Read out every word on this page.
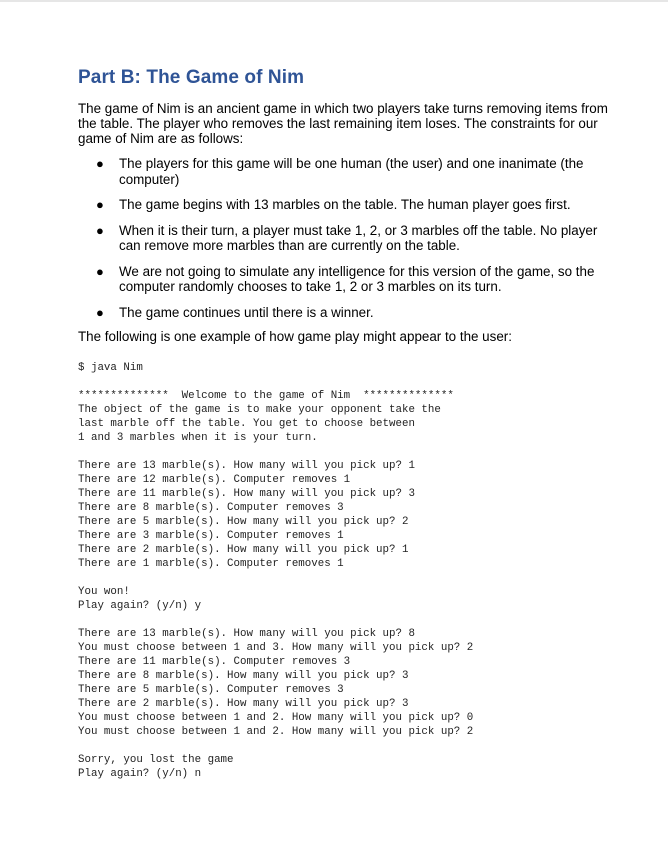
Part B: The Game of Nim

The game of Nim is an ancient game in which two players take turns removing items from the table. The player who removes the last remaining item loses. The constraints for our game of Nim are as follows:

● The players for this game will be one human (the user) and one inanimate (the computer)
● The game begins with 13 marbles on the table. The human player goes first.
● When it is their turn, a player must take 1, 2, or 3 marbles off the table. No player can remove more marbles than are currently on the table.
● We are not going to simulate any intelligence for this version of the game, so the computer randomly chooses to take 1, 2 or 3 marbles on its turn.
● The game continues until there is a winner.

The following is one example of how game play might appear to the user:

$ java Nim

**************  Welcome to the game of Nim  **************
The object of the game is to make your opponent take the
last marble off the table. You get to choose between
1 and 3 marbles when it is your turn.

There are 13 marble(s). How many will you pick up? 1
There are 12 marble(s). Computer removes 1
There are 11 marble(s). How many will you pick up? 3
There are 8 marble(s). Computer removes 3
There are 5 marble(s). How many will you pick up? 2
There are 3 marble(s). Computer removes 1
There are 2 marble(s). How many will you pick up? 1
There are 1 marble(s). Computer removes 1

You won!
Play again? (y/n) y

There are 13 marble(s). How many will you pick up? 8
You must choose between 1 and 3. How many will you pick up? 2
There are 11 marble(s). Computer removes 3
There are 8 marble(s). How many will you pick up? 3
There are 5 marble(s). Computer removes 3
There are 2 marble(s). How many will you pick up? 3
You must choose between 1 and 2. How many will you pick up? 0
You must choose between 1 and 2. How many will you pick up? 2

Sorry, you lost the game
Play again? (y/n) n
